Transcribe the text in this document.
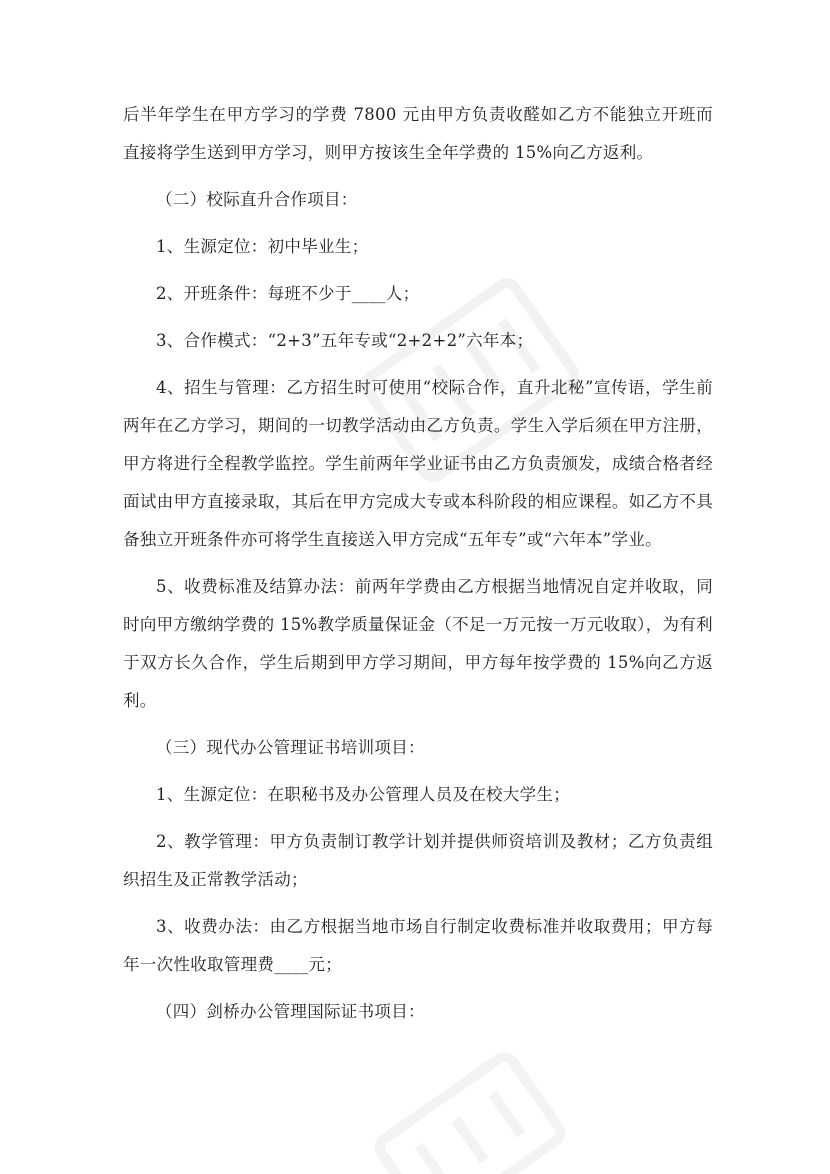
后半年学生在甲方学习的学费 7800 元由甲方负责收醛如乙方不能独立开班而直接将学生送到甲方学习，则甲方按该生全年学费的 15%向乙方返利。

（二）校际直升合作项目：

1、生源定位：初中毕业生；

2、开班条件：每班不少于____人；

3、合作模式：“2+3”五年专或“2+2+2”六年本；

4、招生与管理：乙方招生时可使用“校际合作，直升北秘”宣传语，学生前两年在乙方学习，期间的一切教学活动由乙方负责。学生入学后须在甲方注册，甲方将进行全程教学监控。学生前两年学业证书由乙方负责颁发，成绩合格者经面试由甲方直接录取，其后在甲方完成大专或本科阶段的相应课程。如乙方不具备独立开班条件亦可将学生直接送入甲方完成“五年专”或“六年本”学业。

5、收费标准及结算办法：前两年学费由乙方根据当地情况自定并收取，同时向甲方缴纳学费的 15%教学质量保证金（不足一万元按一万元收取），为有利于双方长久合作，学生后期到甲方学习期间，甲方每年按学费的 15%向乙方返利。

（三）现代办公管理证书培训项目：

1、生源定位：在职秘书及办公管理人员及在校大学生；

2、教学管理：甲方负责制订教学计划并提供师资培训及教材；乙方负责组织招生及正常教学活动；

3、收费办法：由乙方根据当地市场自行制定收费标准并收取费用；甲方每年一次性收取管理费____元；

（四）剑桥办公管理国际证书项目：
